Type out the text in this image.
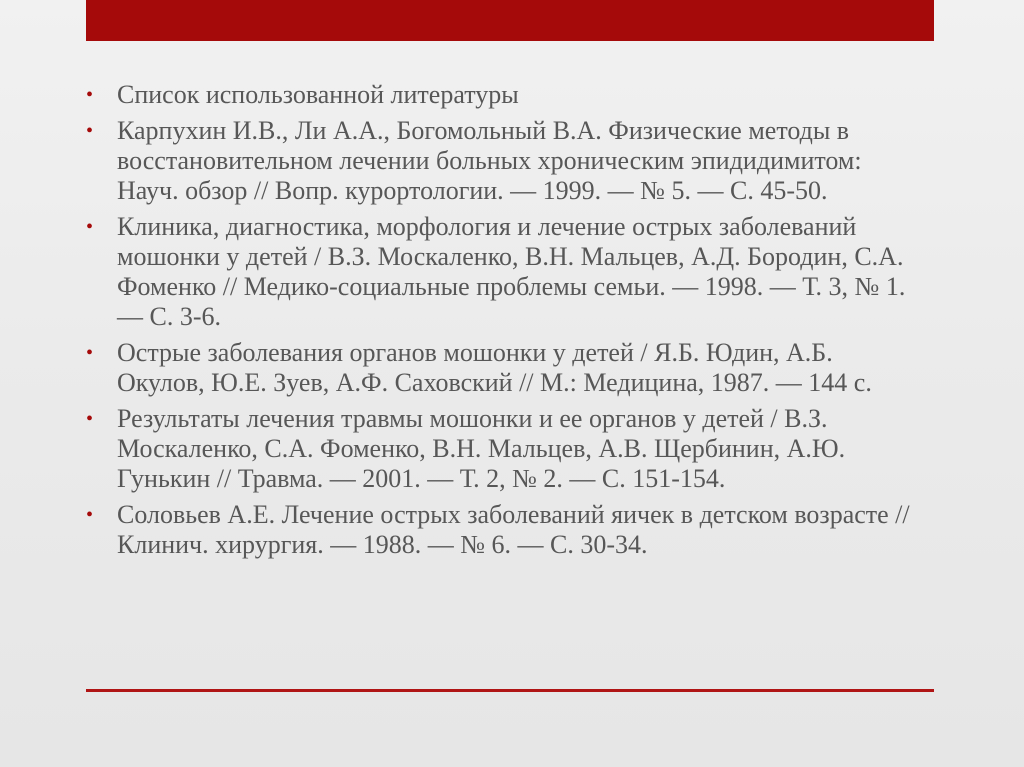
• Список использованной литературы
• Карпухин И.В., Ли А.А., Богомольный В.А. Физические методы в восстановительном лечении больных хроническим эпидидимитом: Науч. обзор // Вопр. курортологии. — 1999. — № 5. — С. 45-50.
• Клиника, диагностика, морфология и лечение острых заболеваний мошонки у детей / В.З. Москаленко, В.Н. Мальцев, А.Д. Бородин, С.А. Фоменко // Медико-социальные проблемы семьи. — 1998. — Т. 3, № 1. — С. 3-6.
• Острые заболевания органов мошонки у детей / Я.Б. Юдин, А.Б. Окулов, Ю.Е. Зуев, А.Ф. Саховский // М.: Медицина, 1987. — 144 с.
• Результаты лечения травмы мошонки и ее органов у детей / В.З. Москаленко, С.А. Фоменко, В.Н. Мальцев, А.В. Щербинин, А.Ю. Гунькин // Травма. — 2001. — Т. 2, № 2. — С. 151-154.
• Соловьев А.Е. Лечение острых заболеваний яичек в детском возрасте // Клинич. хирургия. — 1988. — № 6. — С. 30-34.
